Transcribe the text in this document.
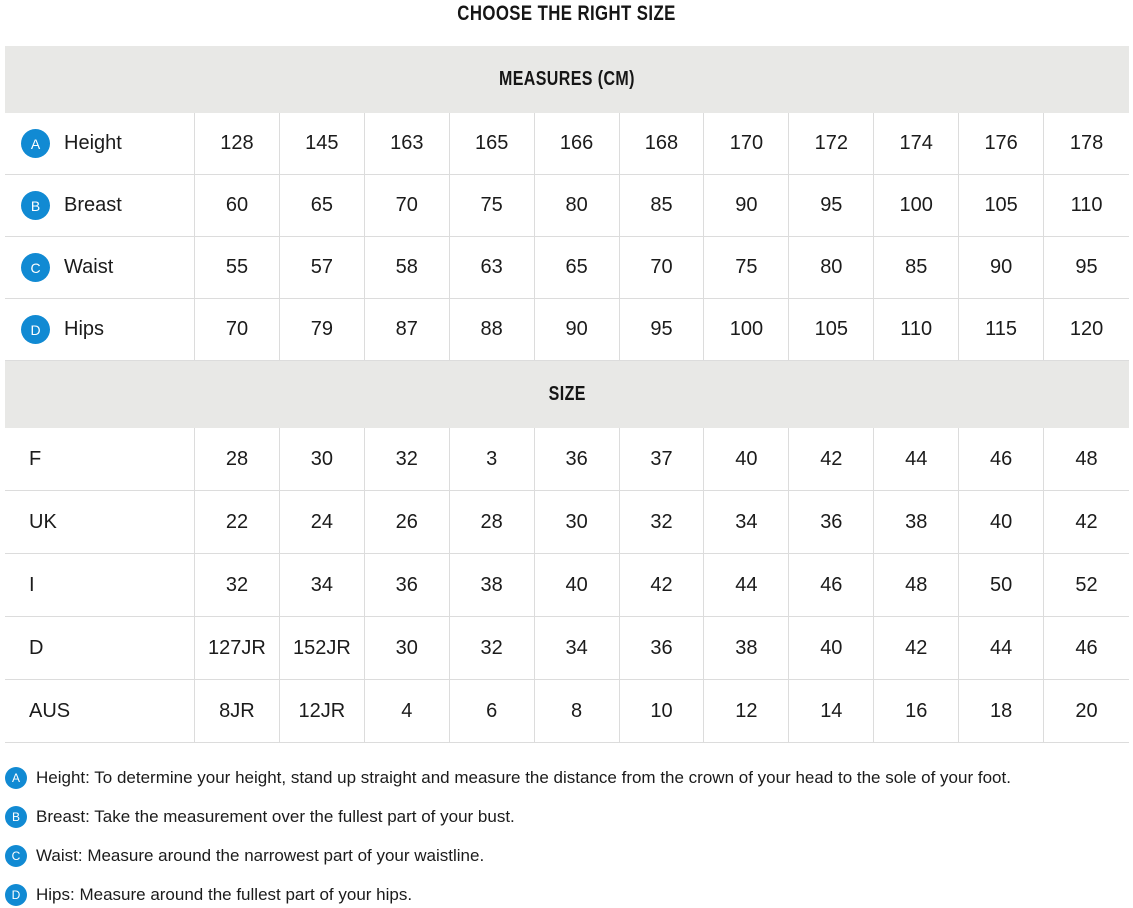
CHOOSE THE RIGHT SIZE
MEASURES (CM)
A	Height	128	145	163	165	166	168	170	172	174	176	178
B	Breast	60	65	70	75	80	85	90	95	100	105	110
C	Waist	55	57	58	63	65	70	75	80	85	90	95
D	Hips	70	79	87	88	90	95	100	105	110	115	120
SIZE
F	28	30	32	3	36	37	40	42	44	46	48
UK	22	24	26	28	30	32	34	36	38	40	42
I	32	34	36	38	40	42	44	46	48	50	52
D	127JR	152JR	30	32	34	36	38	40	42	44	46
AUS	8JR	12JR	4	6	8	10	12	14	16	18	20
A Height: To determine your height, stand up straight and measure the distance from the crown of your head to the sole of your foot.
B Breast: Take the measurement over the fullest part of your bust.
C Waist: Measure around the narrowest part of your waistline.
D Hips: Measure around the fullest part of your hips.
